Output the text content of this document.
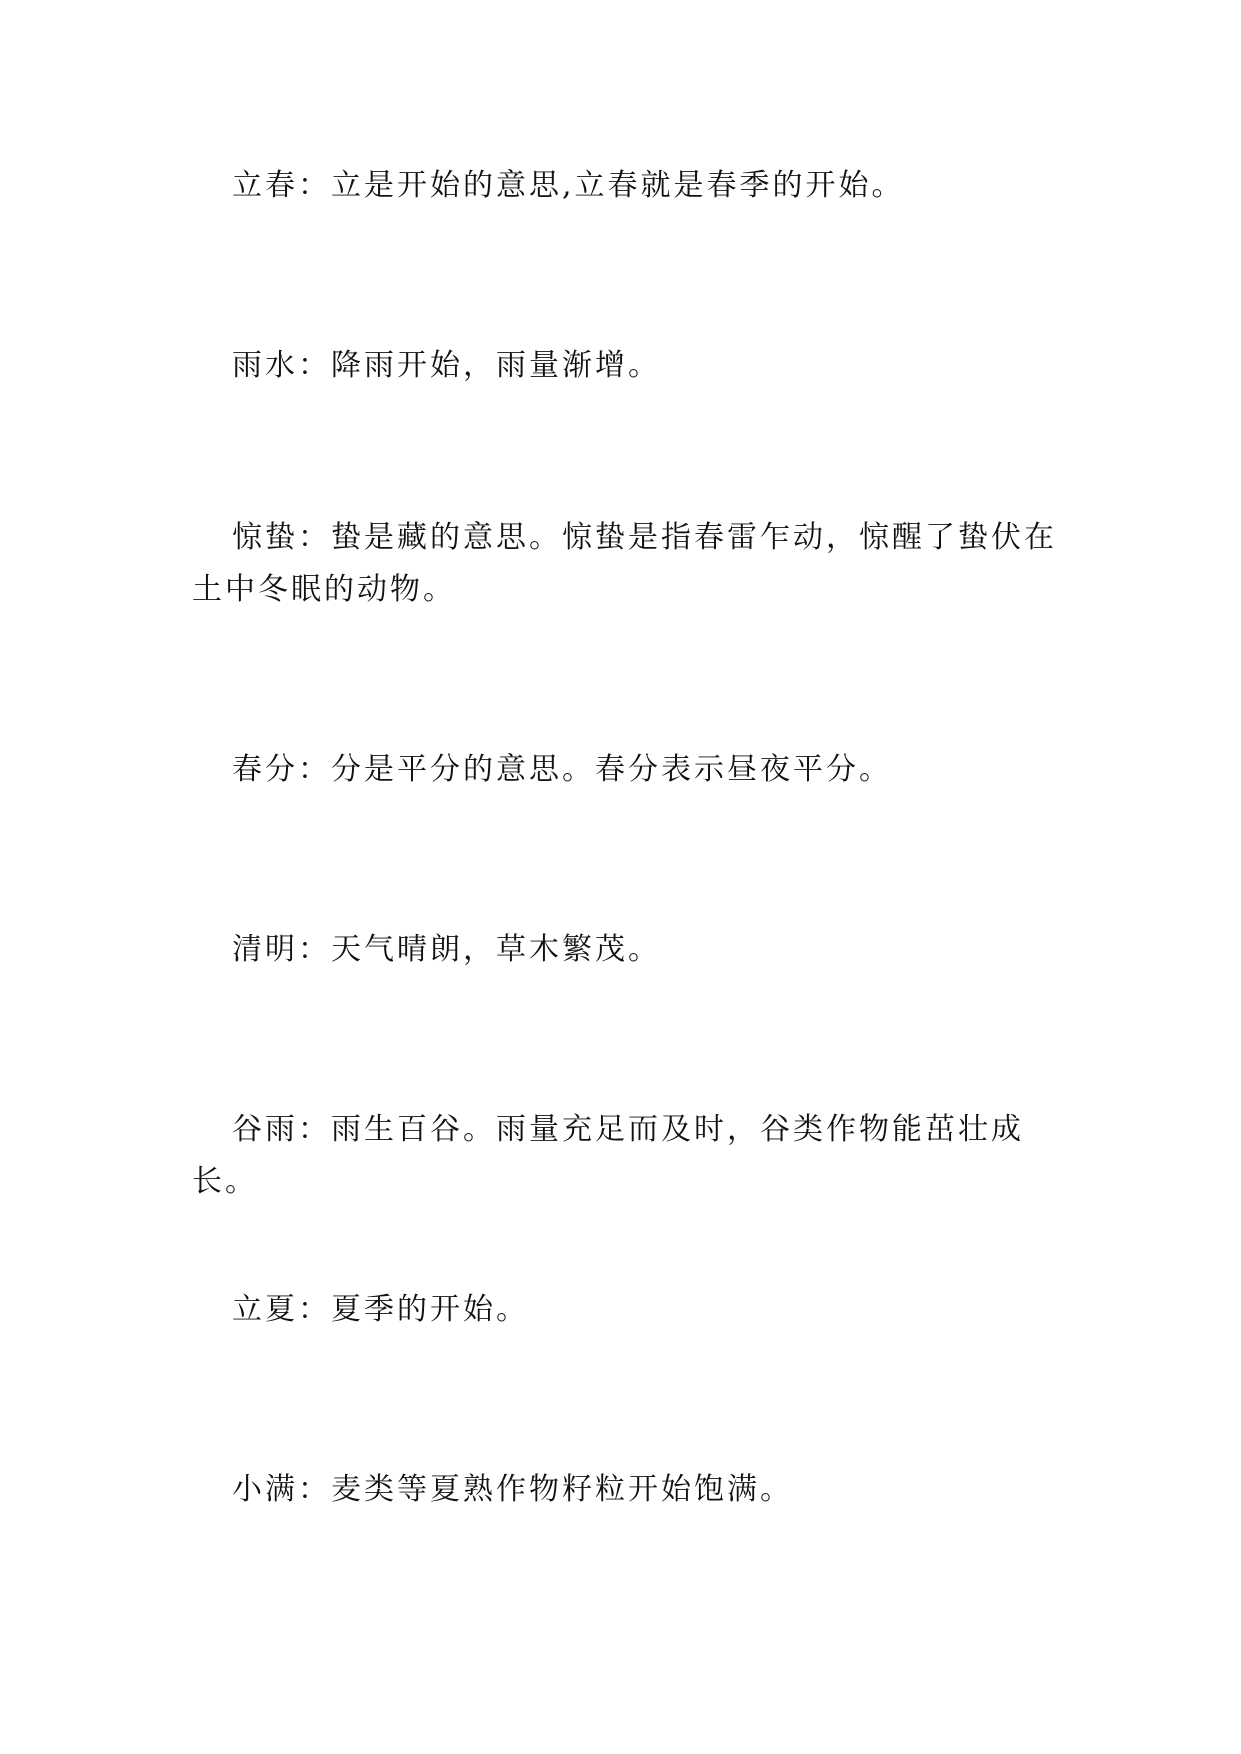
立春：立是开始的意思,立春就是春季的开始。

雨水：降雨开始，雨量渐增。

惊蛰：蛰是藏的意思。惊蛰是指春雷乍动，惊醒了蛰伏在土中冬眠的动物。

春分：分是平分的意思。春分表示昼夜平分。

清明：天气晴朗，草木繁茂。

谷雨：雨生百谷。雨量充足而及时，谷类作物能茁壮成长。

立夏：夏季的开始。

小满：麦类等夏熟作物籽粒开始饱满。
